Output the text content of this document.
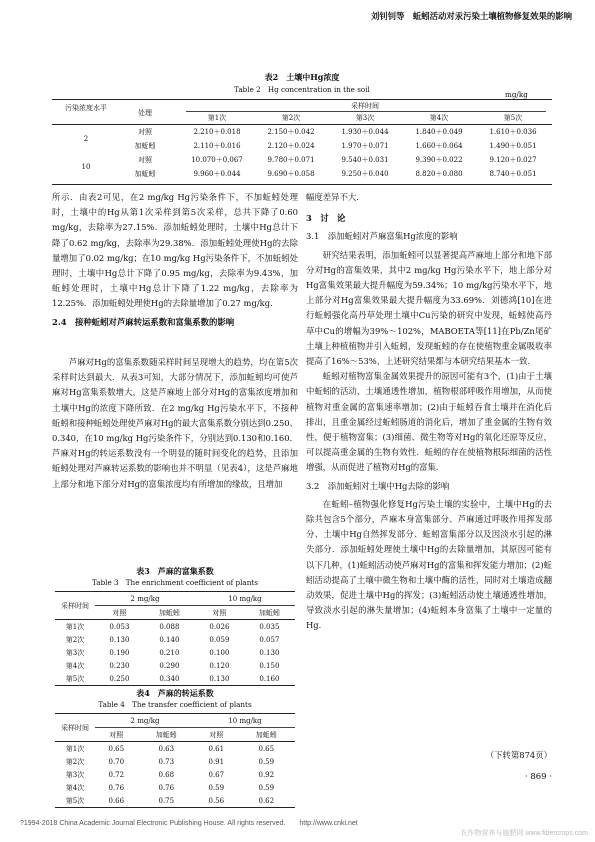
刘钊钊等　蚯蚓活动对汞污染土壤植物修复效果的影响
表2　土壤中Hg浓度
Table 2　Hg concentration in the soil
mg/kg
污染浓度水平
处理
采样时间
第1次	第2次	第3次	第4次	第5次
2
对照	2.210＋0.018	2.150＋0.042	1.930＋0.044	1.840＋0.049	1.610＋0.036
加蚯蚓	2.110＋0.016	2.120＋0.024	1.970＋0.071	1.660＋0.064	1.490＋0.051
10
对照	10.070＋0.067	9.780＋0.071	9.540＋0.031	9.390＋0.022	9.120＋0.027
加蚯蚓	9.960＋0.044	9.690＋0.058	9.250＋0.040	8.820＋0.080	8.740＋0.051

所示．由表2可见，在2 mg/kg Hg污染条件下，不加蚯蚓处理时，土壤中的Hg从第1次采样到第5次采样，总共下降了0.60 mg/kg，去除率为27.15%．添加蚯蚓处理时，土壤中Hg总计下降了0.62 mg/kg，去除率为29.38%．添加蚯蚓处理使Hg的去除量增加了0.02 mg/kg；在10 mg/kg Hg污染条件下，不加蚯蚓处理时，土壤中Hg总计下降了0.95 mg/kg，去除率为9.43%，加蚯蚓处理时，土壤中Hg总计下降了1.22 mg/kg，去除率为12.25%．添加蚯蚓处理使Hg的去除量增加了0.27 mg/kg．

2.4　接种蚯蚓对芦麻转运系数和富集系数的影响

芦麻对Hg的富集系数随采样时间呈现增大的趋势，均在第5次采样时达到最大．从表3可知，大部分情况下，添加蚯蚓均可使芦麻对Hg富集系数增大，这是芦麻地上部分对Hg的富集浓度增加和土壤中Hg的浓度下降所致．在2 mg/kg Hg污染水平下，不接种蚯蚓和接种蚯蚓处理使芦麻对Hg的最大富集系数分别达到0.250、0.340，在10 mg/kg Hg污染条件下，分别达到0.130和0.160．芦麻对Hg的转运系数没有一个明显的随时间变化的趋势，且添加蚯蚓处理对芦麻转运系数的影响也并不明显（见表4），这是芦麻地上部分和地下部分对Hg的富集浓度均有所增加的缘故，且增加

表3　芦麻的富集系数
Table 3　The enrichment coefficient of plants
采样时间	2 mg/kg		10 mg/kg	
	对照	加蚯蚓	对照	加蚯蚓
第1次	0.053	0.088	0.026	0.035
第2次	0.130	0.140	0.059	0.057
第3次	0.190	0.210	0.100	0.130
第4次	0.230	0.290	0.120	0.150
第5次	0.250	0.340	0.130	0.160
表4　芦麻的转运系数
Table 4　The transfer coefficient of plants
采样时间	2 mg/kg		10 mg/kg	
	对照	加蚯蚓	对照	加蚯蚓
第1次	0.65	0.63	0.61	0.65
第2次	0.70	0.73	0.91	0.59
第3次	0.72	0.68	0.67	0.92
第4次	0.76	0.76	0.59	0.59
第5次	0.66	0.75	0.56	0.62

幅度差异不大．

3　讨　论

3.1　添加蚯蚓对芦麻富集Hg浓度的影响

研究结果表明，添加蚯蚓可以显著提高芦麻地上部分和地下部分对Hg的富集效果，其中2 mg/kg Hg污染水平下，地上部分对Hg富集效果最大提升幅度为59.34%；10 mg/kg污染水平下，地上部分对Hg富集效果最大提升幅度为33.69%．刘德鸿[10]在进行蚯蚓强化高丹草处理土壤中Cu污染的研究中发现，蚯蚓使高丹草中Cu的增幅为39%～102%，MABOETA等[11]在Pb/Zn尾矿土壤上种植植物并引入蚯蚓，发现蚯蚓的存在使植物重金属吸收率提高了16%～53%，上述研究结果都与本研究结果基本一致．

蚯蚓对植物富集金属效果提升的原因可能有3个，(1)由于土壤中蚯蚓的活动，土壤通透性增加，植物根部呼吸作用增加，从而使植物对重金属的富集速率增加；(2)由于蚯蚓吞食土壤并在消化后排出，且重金属经过蚯蚓肠道的消化后，增加了重金属的生物有效性，便于植物富集；(3)细菌、微生物等对Hg的氧化还原等反应，可以提高重金属的生物有效性．蚯蚓的存在使植物根际细菌的活性增强，从而促进了植物对Hg的富集．

3.2　添加蚯蚓对土壤中Hg去除的影响

在蚯蚓–植物强化修复Hg污染土壤的实验中，土壤中Hg的去除共包含5个部分，芦麻本身富集部分、芦麻通过呼吸作用挥发部分、土壤中Hg自然挥发部分、蚯蚓富集部分以及因淡水引起的淋失部分．添加蚯蚓处理使土壤中Hg的去除量增加，其原因可能有以下几种，(1)蚯蚓活动使芦麻对Hg的富集和挥发能力增加；(2)蚯蚓活动提高了土壤中微生物和土壤中酶的活性，同时对土壤造成翻动效果，促进土壤中Hg的挥发；(3)蚯蚓活动使土壤通透性增加，导致淡水引起的淋失量增加；(4)蚯蚓本身富集了土壤中一定量的Hg．

（下转第874页）
· 869 ·
?1994-2018 China Academic Journal Electronic Publishing House. All rights reserved.　　http://www.cnki.net
农作物营养与施肥网 www.fibercrops.com
